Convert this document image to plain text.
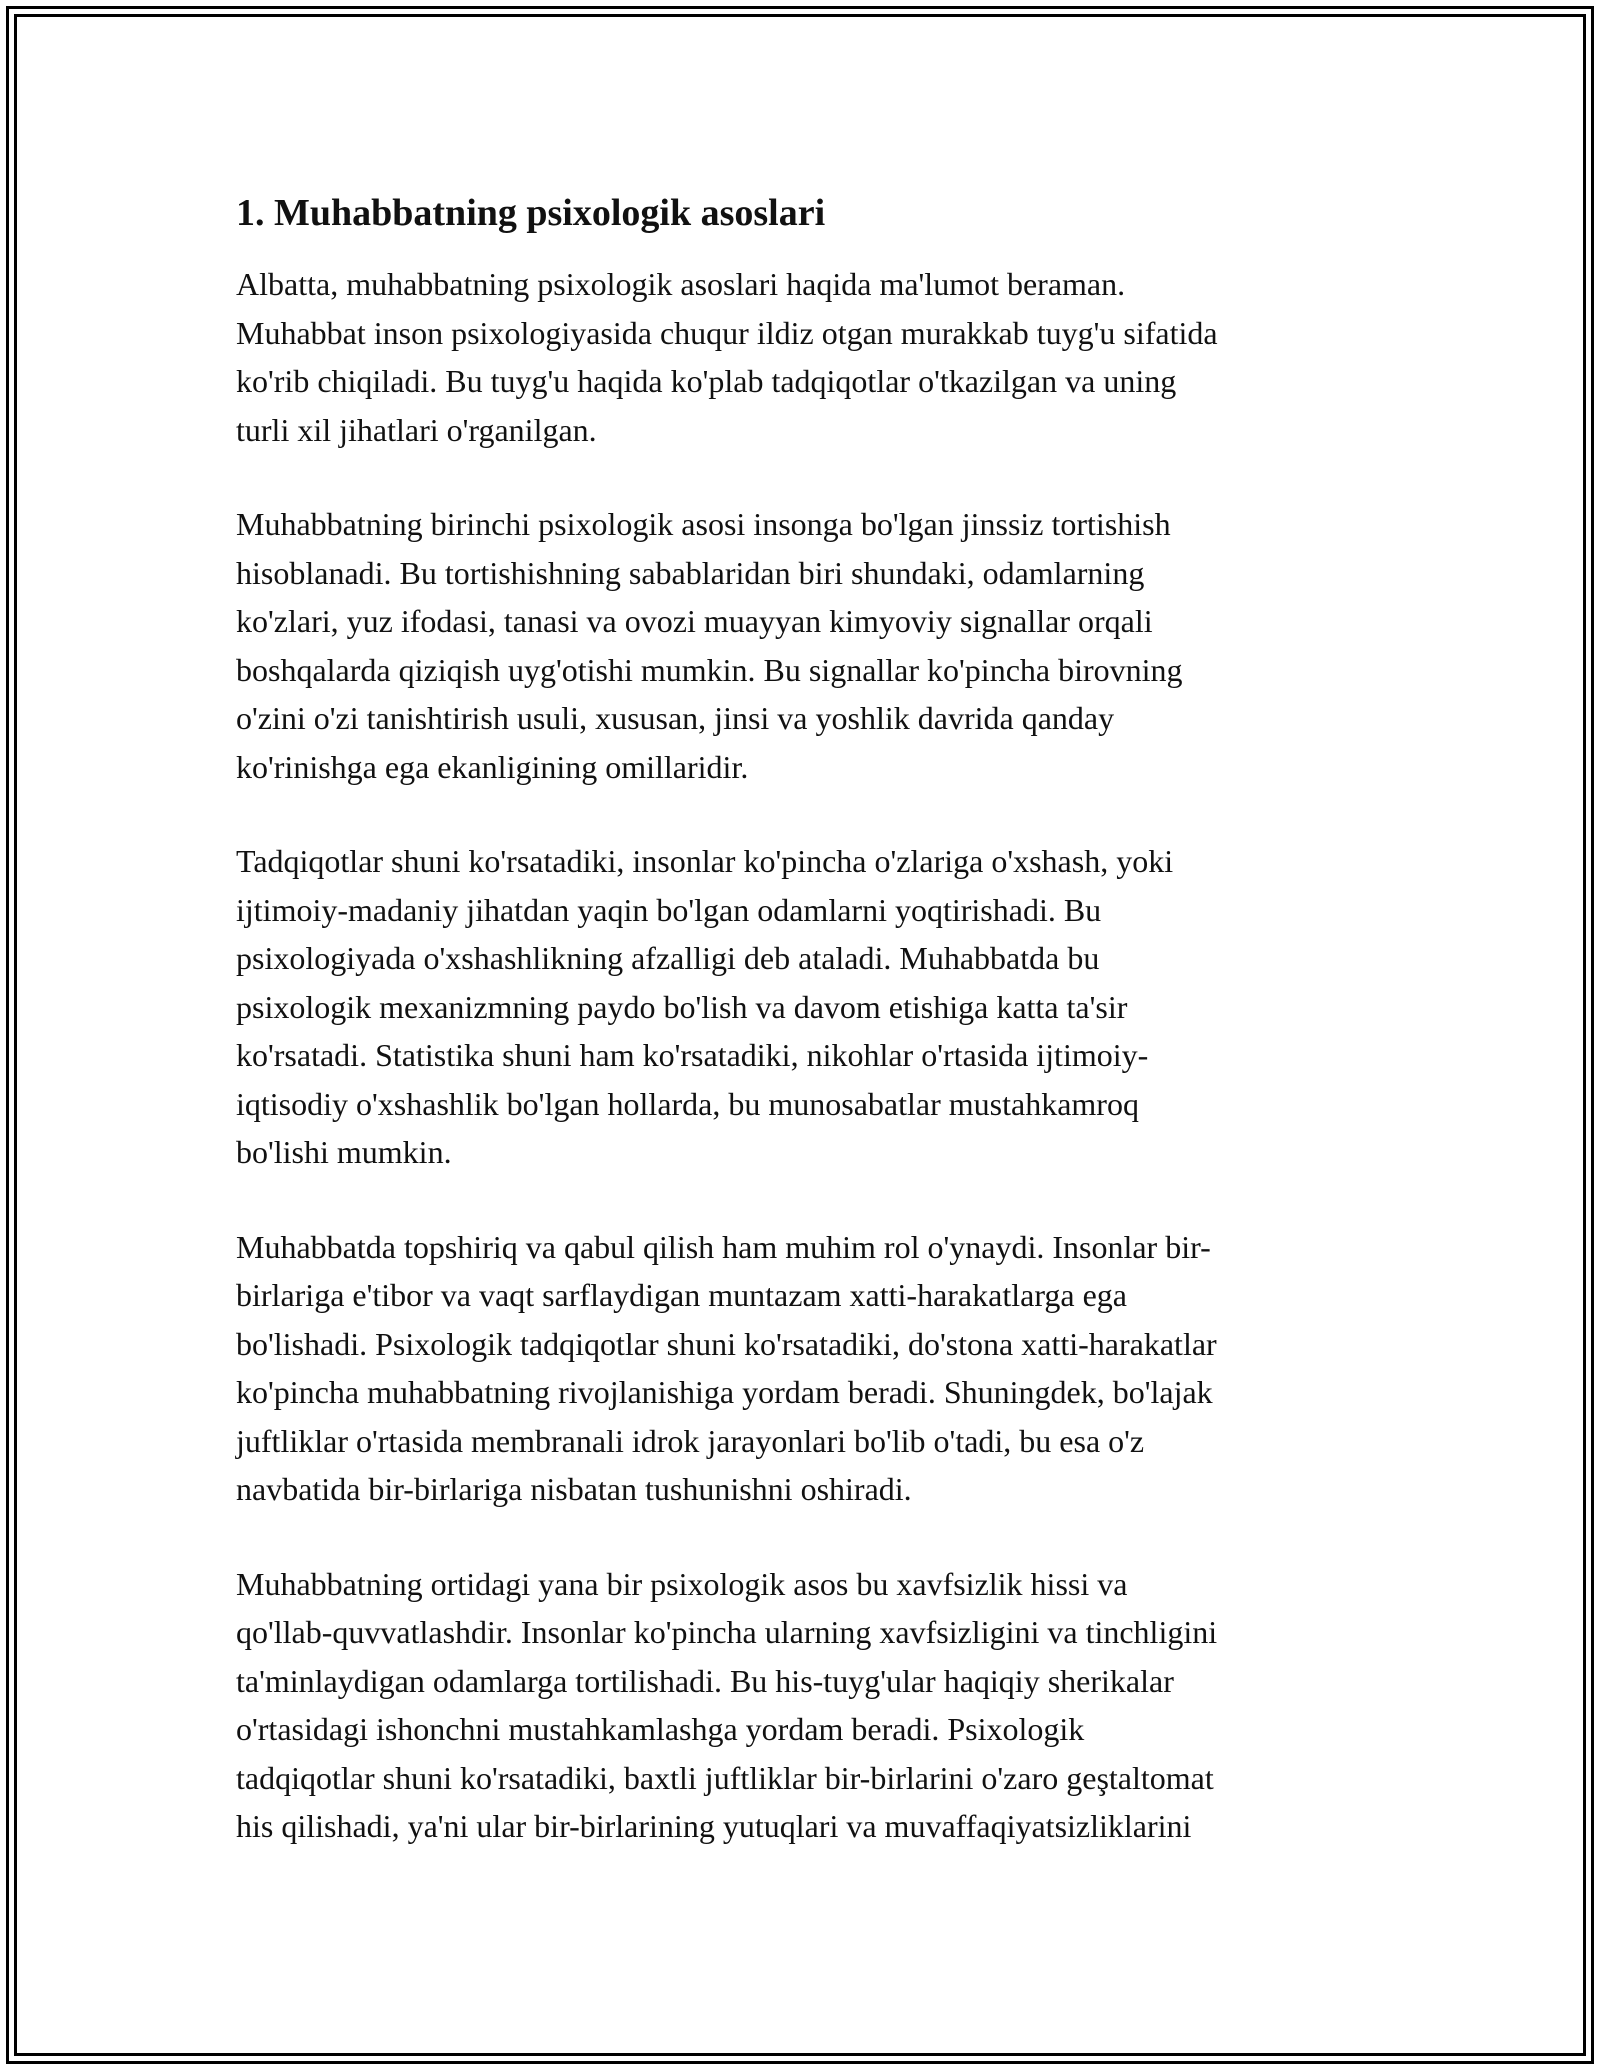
1. Muhabbatning psixologik asoslari

Albatta, muhabbatning psixologik asoslari haqida ma'lumot beraman.
Muhabbat inson psixologiyasida chuqur ildiz otgan murakkab tuyg'u sifatida
ko'rib chiqiladi. Bu tuyg'u haqida ko'plab tadqiqotlar o'tkazilgan va uning
turli xil jihatlari o'rganilgan.

Muhabbatning birinchi psixologik asosi insonga bo'lgan jinssiz tortishish
hisoblanadi. Bu tortishishning sabablaridan biri shundaki, odamlarning
ko'zlari, yuz ifodasi, tanasi va ovozi muayyan kimyoviy signallar orqali
boshqalarda qiziqish uyg'otishi mumkin. Bu signallar ko'pincha birovning
o'zini o'zi tanishtirish usuli, xususan, jinsi va yoshlik davrida qanday
ko'rinishga ega ekanligining omillaridir.

Tadqiqotlar shuni ko'rsatadiki, insonlar ko'pincha o'zlariga o'xshash, yoki
ijtimoiy-madaniy jihatdan yaqin bo'lgan odamlarni yoqtirishadi. Bu
psixologiyada o'xshashlikning afzalligi deb ataladi. Muhabbatda bu
psixologik mexanizmning paydo bo'lish va davom etishiga katta ta'sir
ko'rsatadi. Statistika shuni ham ko'rsatadiki, nikohlar o'rtasida ijtimoiy-
iqtisodiy o'xshashlik bo'lgan hollarda, bu munosabatlar mustahkamroq
bo'lishi mumkin.

Muhabbatda topshiriq va qabul qilish ham muhim rol o'ynaydi. Insonlar bir-
birlariga e'tibor va vaqt sarflaydigan muntazam xatti-harakatlarga ega
bo'lishadi. Psixologik tadqiqotlar shuni ko'rsatadiki, do'stona xatti-harakatlar
ko'pincha muhabbatning rivojlanishiga yordam beradi. Shuningdek, bo'lajak
juftliklar o'rtasida membranali idrok jarayonlari bo'lib o'tadi, bu esa o'z
navbatida bir-birlariga nisbatan tushunishni oshiradi.

Muhabbatning ortidagi yana bir psixologik asos bu xavfsizlik hissi va
qo'llab-quvvatlashdir. Insonlar ko'pincha ularning xavfsizligini va tinchligini
ta'minlaydigan odamlarga tortilishadi. Bu his-tuyg'ular haqiqiy sherikalar
o'rtasidagi ishonchni mustahkamlashga yordam beradi. Psixologik
tadqiqotlar shuni ko'rsatadiki, baxtli juftliklar bir-birlarini o'zaro geştaltomat
his qilishadi, ya'ni ular bir-birlarining yutuqlari va muvaffaqiyatsizliklarini
